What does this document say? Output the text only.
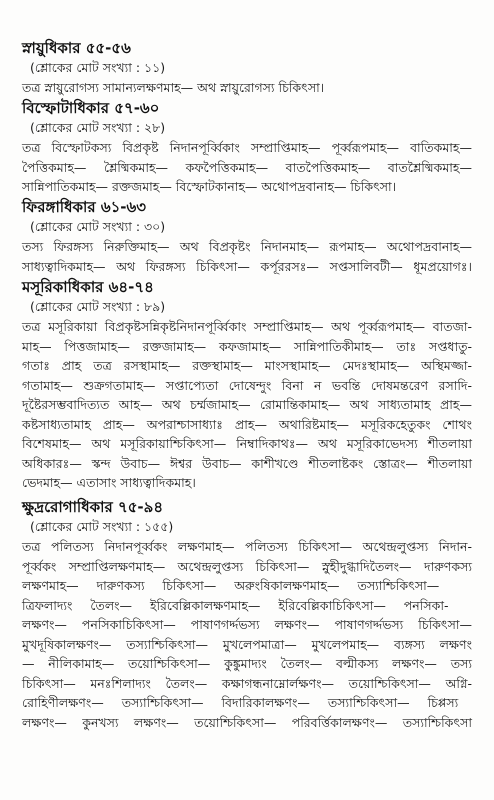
স্নায়ুধিকার ৫৫-৫৬
(শ্লোকের মোট সংখ্যা : ১১)
তত্র স্নায়ুরোগস্য সামান্যলক্ষণমাহ— অথ স্নায়ুরোগস্য চিকিৎসা।
বিস্ফোটাধিকার ৫৭-৬০
(শ্লোকের মোট সংখ্যা : ২৮)
তত্র বিস্ফোটকস্য বিপ্রকৃষ্ট নিদানপূর্ব্বিকাং সম্প্রাপ্তিমাহ— পূর্ব্বরূপমাহ— বাতিকমাহ—
পৈত্তিকমাহ— শ্লৈষ্মিকমাহ— কফপৈত্তিকমাহ— বাতপৈত্তিকমাহ— বাতশ্লৈষ্মিকমাহ—
সান্নিপাতিকমাহ— রক্তজমাহ— বিস্ফোটকানাহ— অথোপদ্রবানাহ— চিকিৎসা।
ফিরঙ্গাধিকার ৬১-৬৩
(শ্লোকের মোট সংখ্যা : ৩০)
তস্য ফিরঙ্গস্য নিরুক্তিমাহ— অথ বিপ্রকৃষ্টং নিদানমাহ— রূপমাহ— অথোপদ্রবানাহ—
সাধ্যত্বাদিকমাহ— অথ ফিরঙ্গস্য চিকিৎসা— কর্পূররসঃ— সপ্তসালিবটী— ধূমপ্রয়োগঃ।
মসূরিকাধিকার ৬৪-৭৪
(শ্লোকের মোট সংখ্যা : ৮৯)
তত্র মসূরিকায়া বিপ্রকৃষ্টসন্নিকৃষ্টনিদানপূর্ব্বিকাং সম্প্রাপ্তিমাহ— অথ পূর্ব্বরূপমাহ— বাতজা-
মাহ— পিত্তজামাহ— রক্তজামাহ— কফজামাহ— সান্নিপাতিকীমাহ— তাঃ সপ্তধাতু-
গতাঃ প্রাহ তত্র রসস্থামাহ— রক্তস্থামাহ— মাংসস্থামাহ— মেদঃস্থামাহ— অস্থিমজ্জা-
গতামাহ— শুক্রগতামাহ— সপ্তাপ্যেতা দোষেন্দুং বিনা ন ভবন্তি দোষমন্তরেণ রসাদি-
দূষ্টৈরসম্ভবাদিত্যত আহ— অথ চর্ম্মজামাহ— রোমান্তিকামাহ— অথ সাধ্যতামাহ প্রাহ—
কষ্টসাধ্যতামাহ প্রাহ— অপরাশ্চাসাধ্যাঃ প্রাহ— অথারিষ্টমাহ— মসূরিকহেতুকং শোথং
বিশেষমাহ— অথ মসূরিকায়াশ্চিকিৎসা— নিম্বাদিকাথঃ— অথ মসূরিকাভেদস্য শীতলায়া
অধিকারঃ— স্কন্দ উবাচ— ঈশ্বর উবাচ— কাশীখণ্ডে শীতলাষ্টকং স্তোত্রং— শীতলায়া
ভেদমাহ— এতাসাং সাধ্যত্বাদিকমাহ।
ক্ষুদ্ররোগাধিকার ৭৫-৯৪
(শ্লোকের মোট সংখ্যা : ১৫৫)
তত্র পলিতস্য নিদানপূর্ব্বকং লক্ষণমাহ— পলিতস্য চিকিৎসা— অথেন্দ্রলুপ্তস্য নিদান-
পূর্ব্বকং সম্প্রাপ্তিলক্ষণমাহ— অথেন্দ্রলুপ্তস্য চিকিৎসা— স্নুহীদুগ্ধাদিতৈলং— দারুণকস্য
লক্ষণমাহ— দারুণকস্য চিকিৎসা— অরুংষিকালক্ষণমাহ— তস্যাশ্চিকিৎসা—
ত্রিফলাদ্যং তৈলং— ইরিবেল্লিকালক্ষণমাহ— ইরিবেল্লিকাচিকিৎসা— পনসিকা-
লক্ষণং— পনসিকাচিকিৎসা— পাষাণগর্দ্দভস্য লক্ষণং— পাষাণগর্দ্দভস্য চিকিৎসা—
মুখদূষিকালক্ষণং— তস্যাশ্চিকিৎসা— মুখলেপমাত্রা— মুখলেপমাহ— ব্যঙ্গস্য লক্ষণং
— নীলিকামাহ— তয়োশ্চিকিৎসা— কুঙ্কুমাদ্যং তৈলং— বল্মীকস্য লক্ষণং— তস্য
চিকিৎসা— মনঃশিলাদ্যং তৈলং— কক্ষাগন্ধনাম্নোর্লক্ষণং— তয়োশ্চিকিৎসা— অগ্নি-
রোহিণীলক্ষণং— তস্যাশ্চিকিৎসা— বিদারিকালক্ষণং— তস্যাশ্চিকিৎসা— চিপ্পস্য
লক্ষণং— কুনখস্য লক্ষণং— তয়োশ্চিকিৎসা— পরিবর্ত্তিকালক্ষণং— তস্যাশ্চিকিৎসা
